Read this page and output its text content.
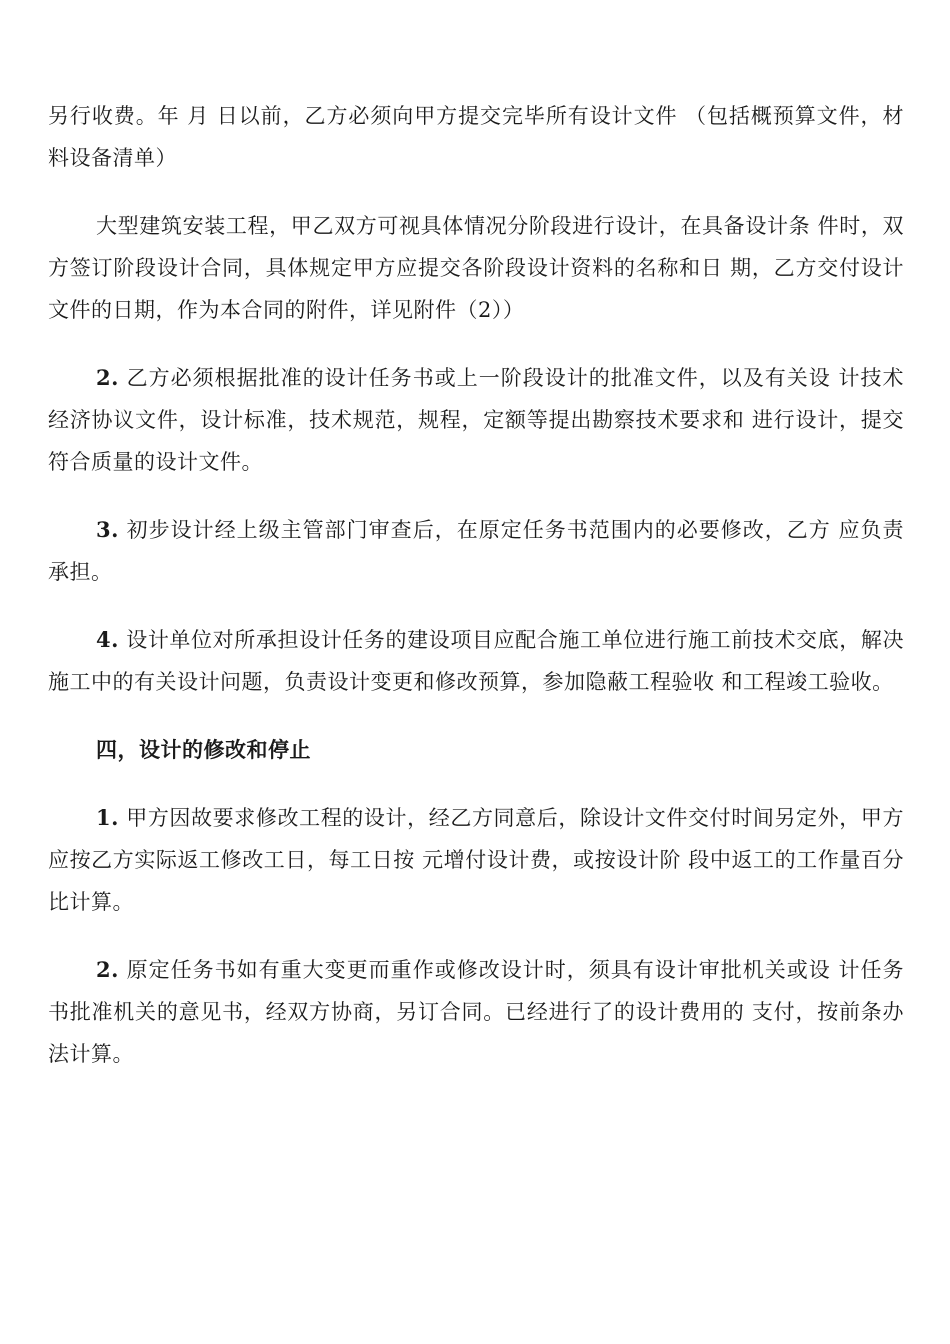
另行收费。年 月 日以前，乙方必须向甲方提交完毕所有设计文件 （包括概预算文件，材料设备清单）

大型建筑安装工程，甲乙双方可视具体情况分阶段进行设计，在具备设计条 件时，双方签订阶段设计合同，具体规定甲方应提交各阶段设计资料的名称和日 期，乙方交付设计文件的日期，作为本合同的附件，详见附件（2））

2. 乙方必须根据批准的设计任务书或上一阶段设计的批准文件，以及有关设 计技术经济协议文件，设计标准，技术规范，规程，定额等提出勘察技术要求和 进行设计，提交符合质量的设计文件。

3. 初步设计经上级主管部门审查后，在原定任务书范围内的必要修改，乙方 应负责承担。

4. 设计单位对所承担设计任务的建设项目应配合施工单位进行施工前技术交底，解决施工中的有关设计问题，负责设计变更和修改预算，参加隐蔽工程验收 和工程竣工验收。

四，设计的修改和停止

1. 甲方因故要求修改工程的设计，经乙方同意后，除设计文件交付时间另定外，甲方应按乙方实际返工修改工日，每工日按 元增付设计费，或按设计阶 段中返工的工作量百分比计算。

2. 原定任务书如有重大变更而重作或修改设计时，须具有设计审批机关或设 计任务书批准机关的意见书，经双方协商，另订合同。已经进行了的设计费用的 支付，按前条办法计算。
